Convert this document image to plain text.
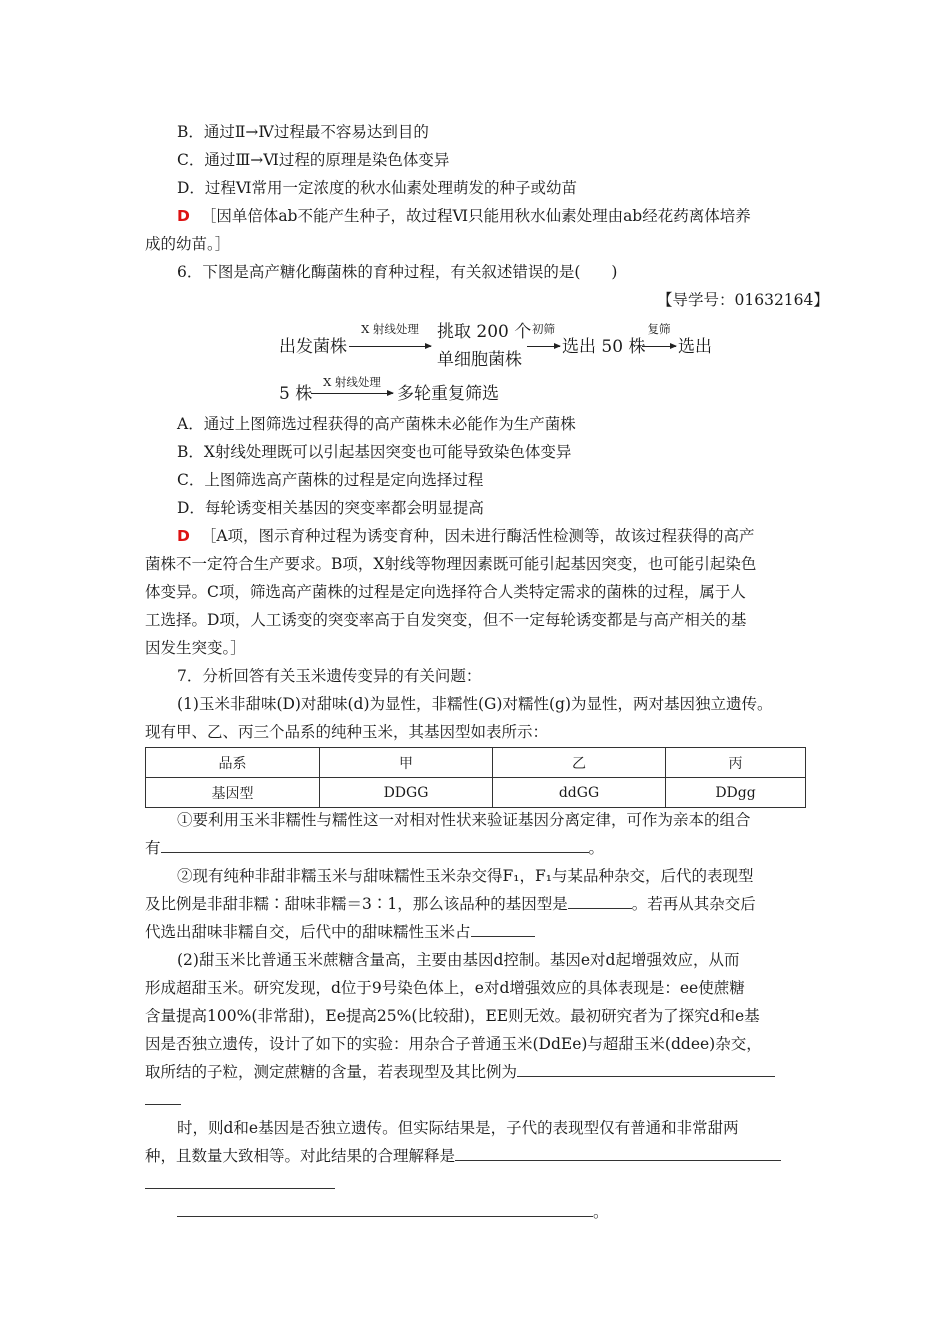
B．通过Ⅱ→Ⅳ过程最不容易达到目的
C．通过Ⅲ→Ⅵ过程的原理是染色体变异
D．过程Ⅵ常用一定浓度的秋水仙素处理萌发的种子或幼苗
D ［因单倍体ab不能产生种子，故过程Ⅵ只能用秋水仙素处理由ab经花药离体培养
成的幼苗。］
6．下图是高产糖化酶菌株的育种过程，有关叙述错误的是(　　)
【导学号：01632164】
出发菌株
X 射线处理	挑取 200 个
单细胞菌株
初筛
选出 50 株
复筛
选出
5 株
X 射线处理
多轮重复筛选
A．通过上图筛选过程获得的高产菌株未必能作为生产菌株
B．X射线处理既可以引起基因突变也可能导致染色体变异
C．上图筛选高产菌株的过程是定向选择过程
D．每轮诱变相关基因的突变率都会明显提高
D ［A项，图示育种过程为诱变育种，因未进行酶活性检测等，故该过程获得的高产
菌株不一定符合生产要求。B项，X射线等物理因素既可能引起基因突变，也可能引起染色
体变异。C项，筛选高产菌株的过程是定向选择符合人类特定需求的菌株的过程，属于人
工选择。D项，人工诱变的突变率高于自发突变，但不一定每轮诱变都是与高产相关的基
因发生突变。］
7．分析回答有关玉米遗传变异的有关问题：
(1)玉米非甜味(D)对甜味(d)为显性，非糯性(G)对糯性(g)为显性，两对基因独立遗传。
现有甲、乙、丙三个品系的纯种玉米，其基因型如表所示：
品系	甲	乙	丙
基因型	DDGG	ddGG	DDgg
①要利用玉米非糯性与糯性这一对相对性状来验证基因分离定律，可作为亲本的组合
有	。
②现有纯种非甜非糯玉米与甜味糯性玉米杂交得F₁，F₁与某品种杂交，后代的表现型
及比例是非甜非糯∶甜味非糯＝3∶1，那么该品种的基因型是	。若再从其杂交后
代选出甜味非糯自交，后代中的甜味糯性玉米占
(2)甜玉米比普通玉米蔗糖含量高，主要由基因d控制。基因e对d起增强效应，从而
形成超甜玉米。研究发现，d位于9号染色体上，e对d增强效应的具体表现是：ee使蔗糖
含量提高100%(非常甜)，Ee提高25%(比较甜)，EE则无效。最初研究者为了探究d和e基
因是否独立遗传，设计了如下的实验：用杂合子普通玉米(DdEe)与超甜玉米(ddee)杂交，
取所结的子粒，测定蔗糖的含量，若表现型及其比例为
时，则d和e基因是否独立遗传。但实际结果是，子代的表现型仅有普通和非常甜两
种，且数量大致相等。对此结果的合理解释是
。
